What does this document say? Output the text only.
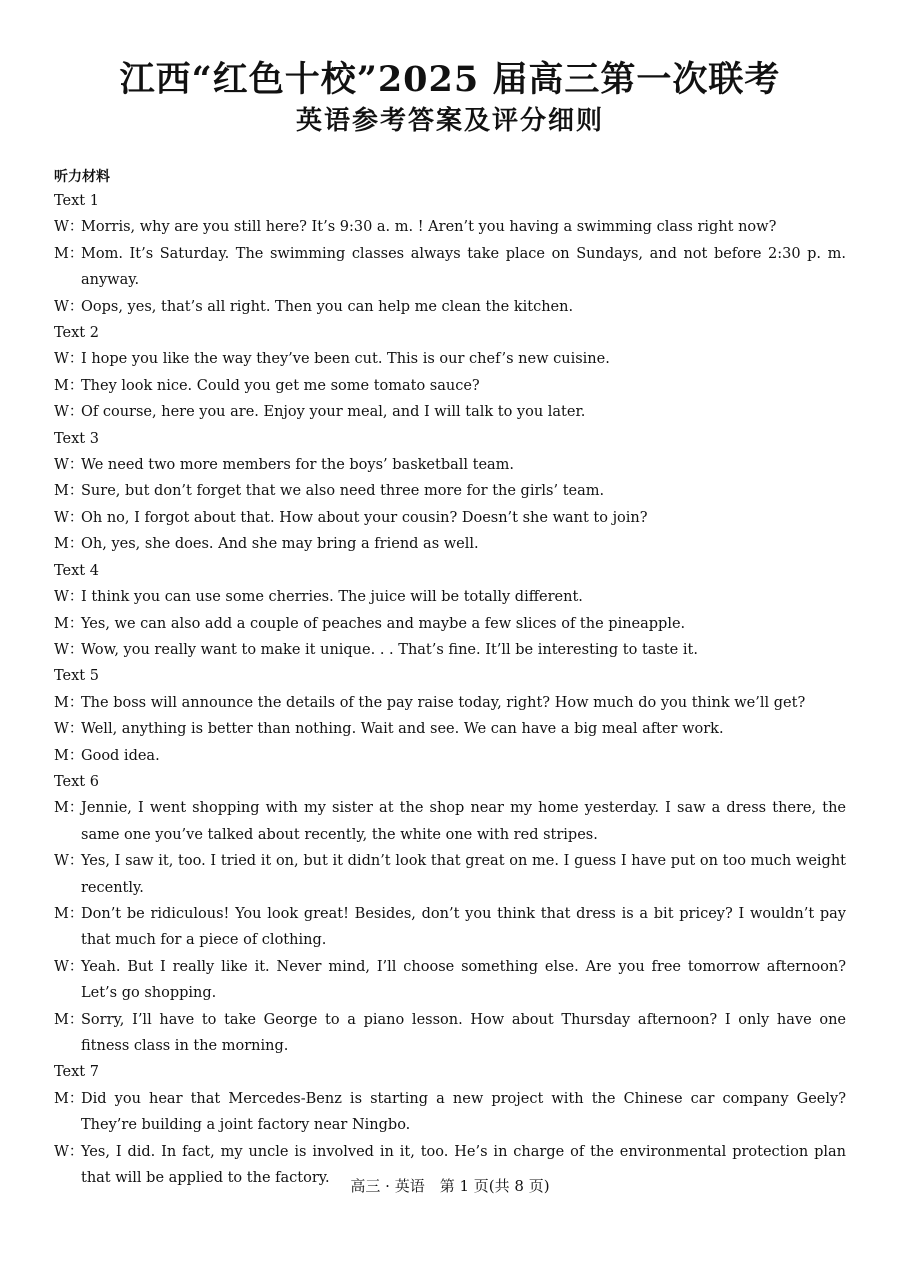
江西“红色十校”2025 届高三第一次联考
英语参考答案及评分细则
听力材料
Text 1
W：
Morris, why are you still here? It’s 9:30 a. m. ! Aren’t you having a swimming class right now?
M：
Mom. It’s Saturday. The swimming classes always take place on Sundays, and not before 2:30 p. m. anyway.
W：
Oops, yes, that’s all right. Then you can help me clean the kitchen.
Text 2
W：
I hope you like the way they’ve been cut. This is our chef’s new cuisine.
M：
They look nice. Could you get me some tomato sauce?
W：
Of course, here you are. Enjoy your meal, and I will talk to you later.
Text 3
W：
We need two more members for the boys’ basketball team.
M：
Sure, but don’t forget that we also need three more for the girls’ team.
W：
Oh no, I forgot about that. How about your cousin? Doesn’t she want to join?
M：
Oh, yes, she does. And she may bring a friend as well.
Text 4
W：
I think you can use some cherries. The juice will be totally different.
M：
Yes, we can also add a couple of peaches and maybe a few slices of the pineapple.
W：
Wow, you really want to make it unique. . . That’s fine. It’ll be interesting to taste it.
Text 5
M：
The boss will announce the details of the pay raise today, right? How much do you think we’ll get?
W：
Well, anything is better than nothing. Wait and see. We can have a big meal after work.
M：
Good idea.
Text 6
M：
Jennie, I went shopping with my sister at the shop near my home yesterday. I saw a dress there, the same one you’ve talked about recently, the white one with red stripes.
W：
Yes, I saw it, too. I tried it on, but it didn’t look that great on me. I guess I have put on too much weight recently.
M：
Don’t be ridiculous! You look great! Besides, don’t you think that dress is a bit pricey? I wouldn’t pay that much for a piece of clothing.
W：
Yeah. But I really like it. Never mind, I’ll choose something else. Are you free tomorrow afternoon? Let’s go shopping.
M：
Sorry, I’ll have to take George to a piano lesson. How about Thursday afternoon? I only have one fitness class in the morning.
Text 7
M：
Did you hear that Mercedes-Benz is starting a new project with the Chinese car company Geely? They’re building a joint factory near Ningbo.
W：
Yes, I did. In fact, my uncle is involved in it, too. He’s in charge of the environmental protection plan that will be applied to the factory.	高三 · 英语　第 1 页(共 8 页)
